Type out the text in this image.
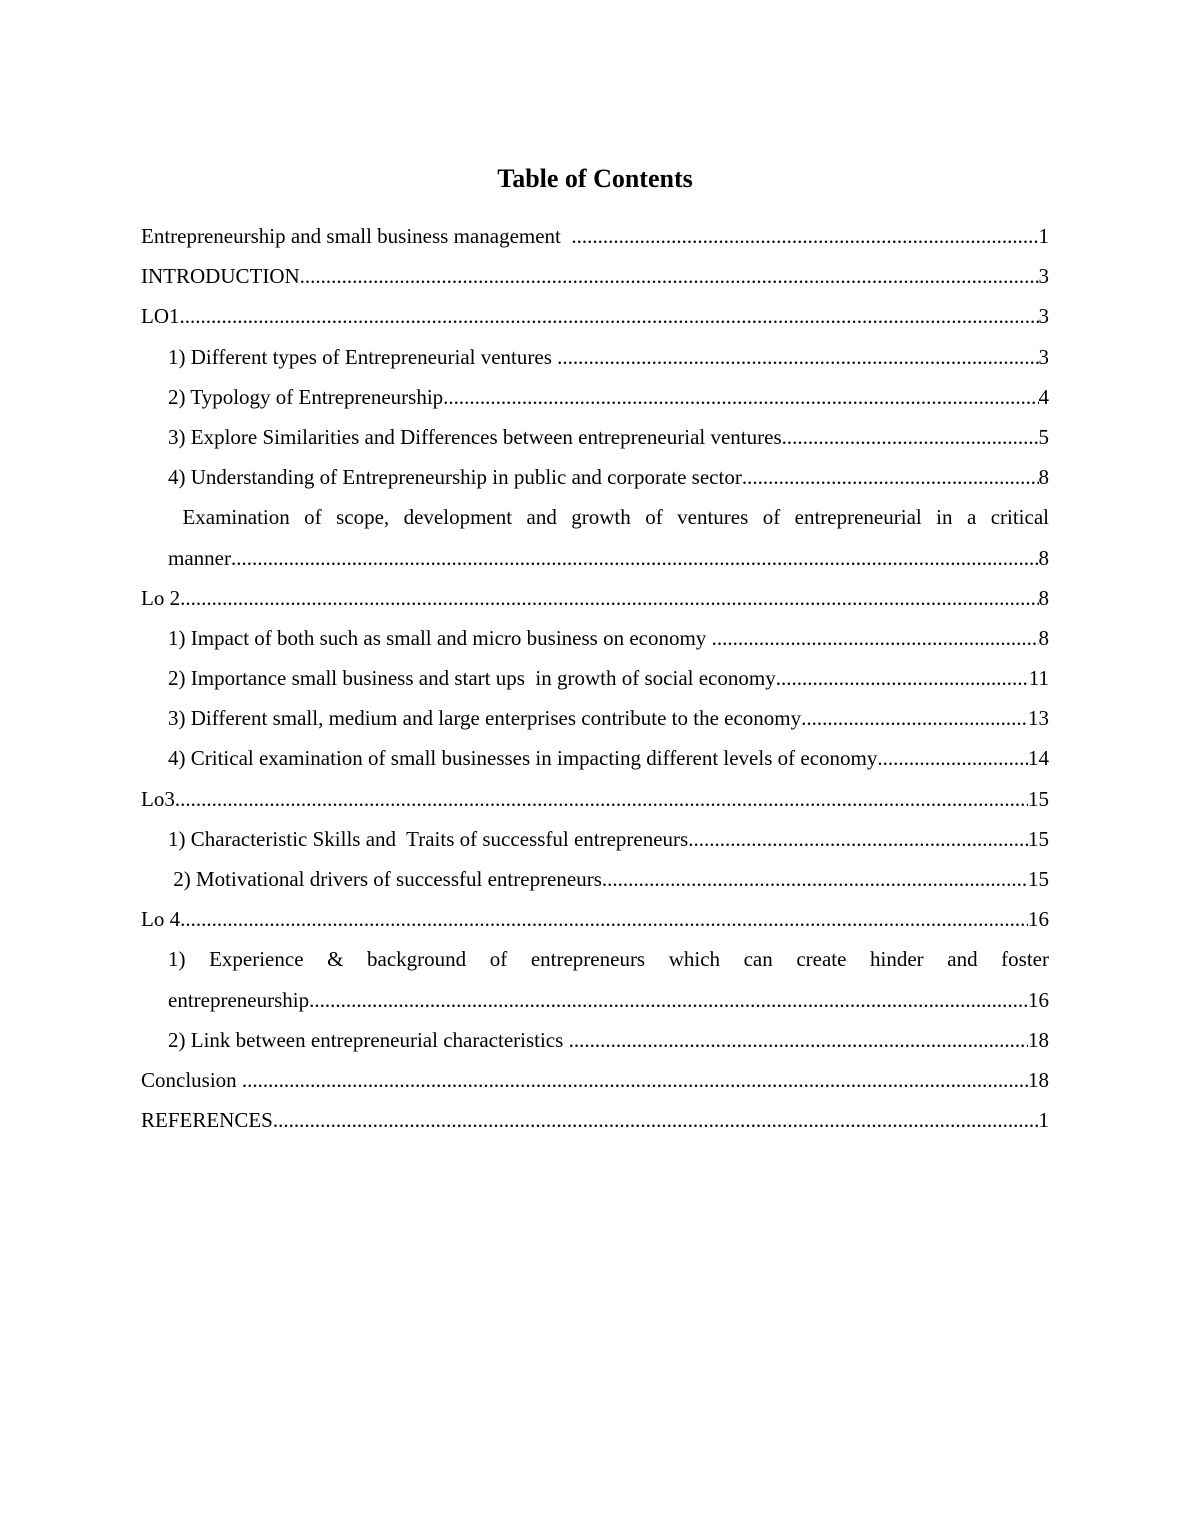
Table of Contents
Entrepreneurship and small business management .....	1
INTRODUCTION .....	3
LO1 .....	3
1) Different types of Entrepreneurial ventures .....	3
2) Typology of Entrepreneurship .....	4
3) Explore Similarities and Differences between entrepreneurial ventures .....	5
4) Understanding of Entrepreneurship in public and corporate sector .....	8
Examination of scope, development and growth of ventures of entrepreneurial in a critical
manner .....	8
Lo 2 .....	8
1) Impact of both such as small and micro business on economy .....	8
2) Importance small business and start ups  in growth of social economy .....	11
3) Different small, medium and large enterprises contribute to the economy .....	13
4) Critical examination of small businesses in impacting different levels of economy .....	14
Lo3 .....	15
1) Characteristic Skills and  Traits of successful entrepreneurs .....	15
2) Motivational drivers of successful entrepreneurs .....	15
Lo 4 .....	16
1) Experience & background of entrepreneurs which can create hinder and foster
entrepreneurship .....	16
2) Link between entrepreneurial characteristics .....	18
Conclusion .....	18
REFERENCES .....	1
